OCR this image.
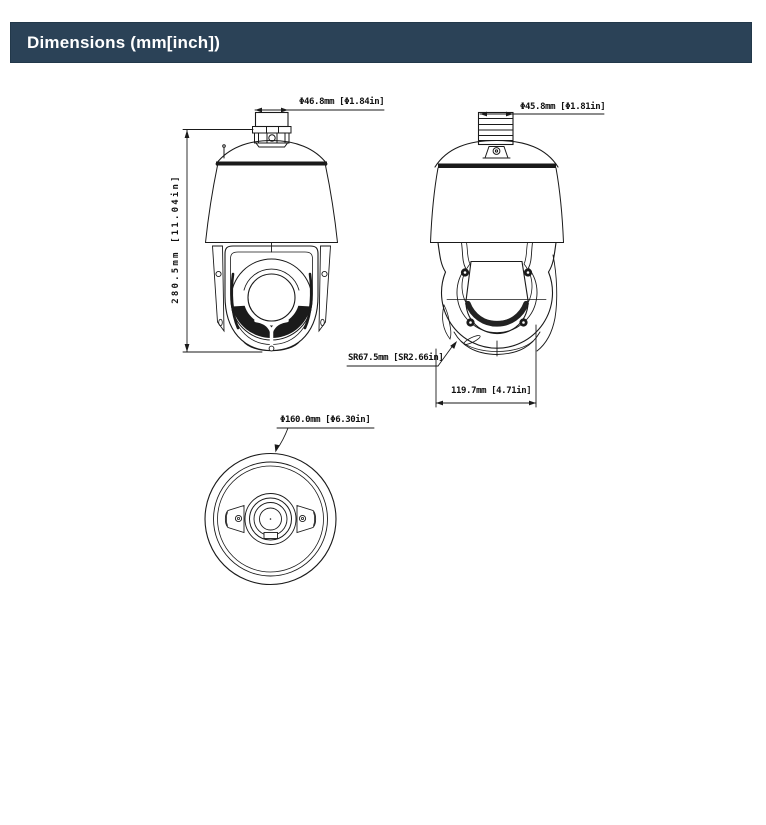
Dimensions (mm[inch])
Φ46.8mm [Φ1.84in]	Φ45.8mm [Φ1.81in]
280.5mm [11.04in]
SR67.5mm [SR2.66in]
119.7mm [4.71in]
Φ160.0mm [Φ6.30in]
